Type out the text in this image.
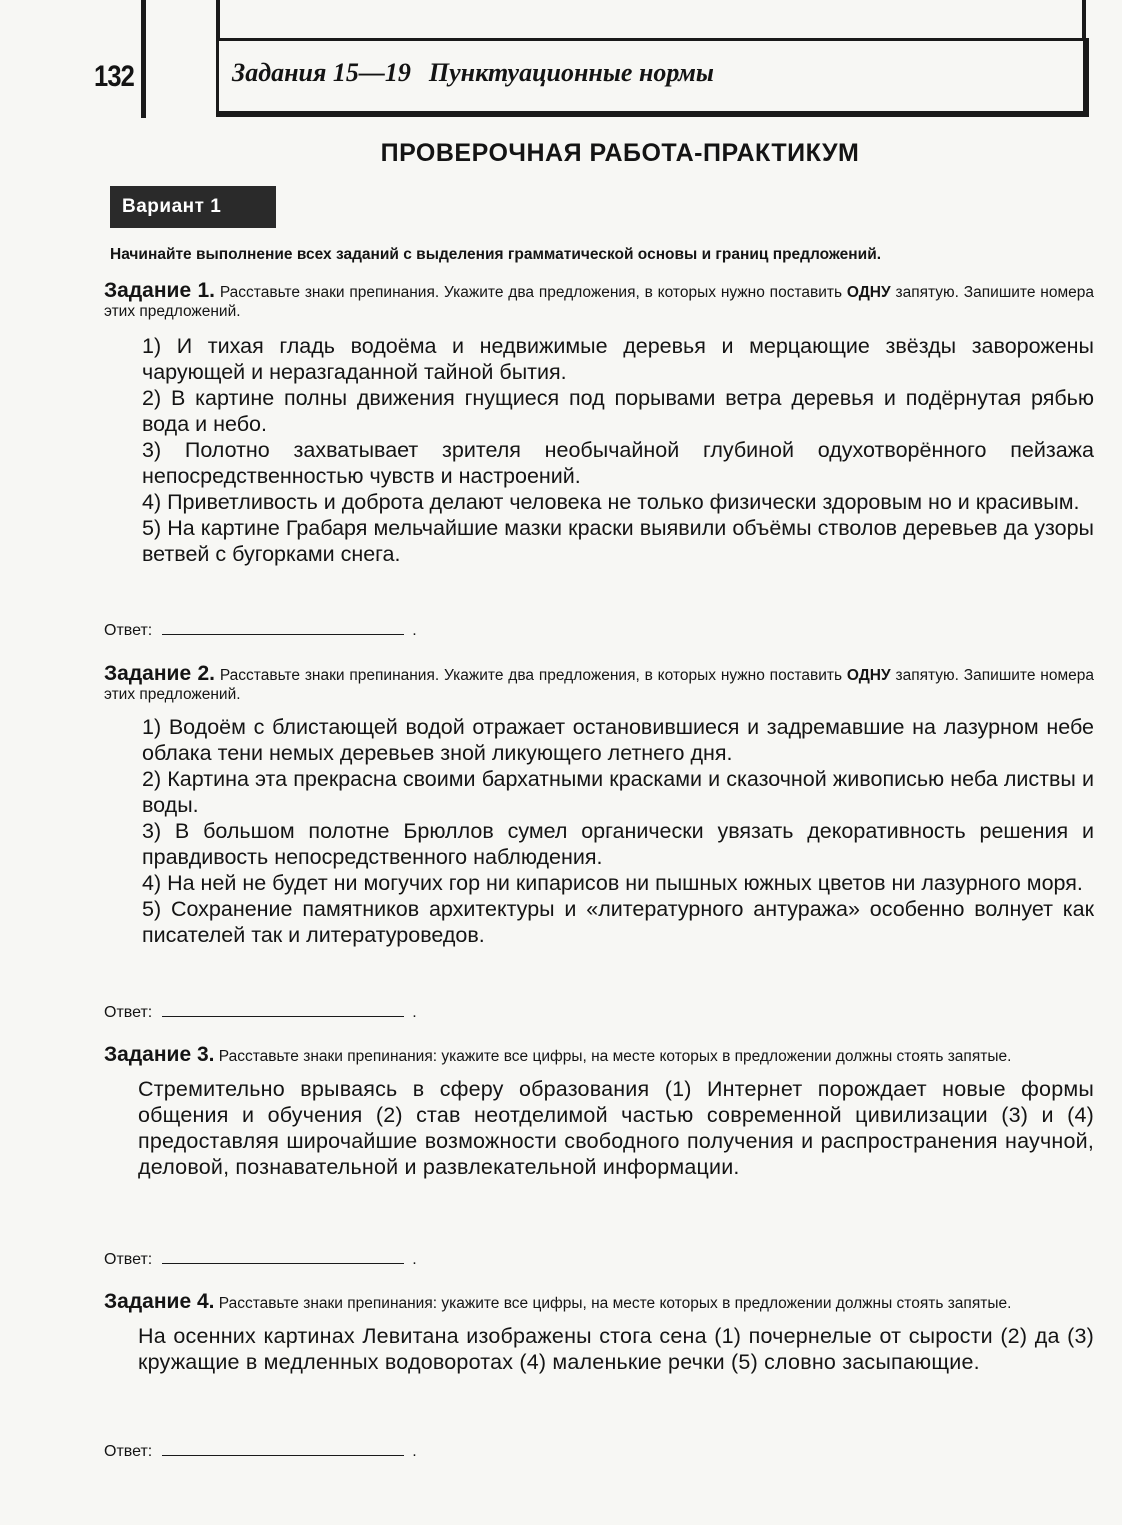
132	Задания 15—19 Пунктуационные нормы
ПРОВЕРОЧНАЯ РАБОТА-ПРАКТИКУМ
Вариант 1
Начинайте выполнение всех заданий с выделения грамматической основы и границ предложений.
Задание 1. Расставьте знаки препинания. Укажите два предложения, в которых нужно поставить ОДНУ запятую. Запишите номера этих предложений.
1) И тихая гладь водоёма и недвижимые деревья и мерцающие звёзды заворожены чарующей и неразгаданной тайной бытия.
2) В картине полны движения гнущиеся под порывами ветра деревья и подёрнутая рябью вода и небо.
3) Полотно захватывает зрителя необычайной глубиной одухотворённого пейзажа непосредственностью чувств и настроений.
4) Приветливость и доброта делают человека не только физически здоровым но и красивым.
5) На картине Грабаря мельчайшие мазки краски выявили объёмы стволов деревьев да узоры ветвей с бугорками снега.
Ответ:	.
Задание 2. Расставьте знаки препинания. Укажите два предложения, в которых нужно поставить ОДНУ запятую. Запишите номера этих предложений.
1) Водоём с блистающей водой отражает остановившиеся и задремавшие на лазурном небе облака тени немых деревьев зной ликующего летнего дня.
2) Картина эта прекрасна своими бархатными красками и сказочной живописью неба листвы и воды.
3) В большом полотне Брюллов сумел органически увязать декоративность решения и правдивость непосредственного наблюдения.
4) На ней не будет ни могучих гор ни кипарисов ни пышных южных цветов ни лазурного моря.
5) Сохранение памятников архитектуры и «литературного антуража» особенно волнует как писателей так и литературоведов.
Ответ:	.
Задание 3. Расставьте знаки препинания: укажите все цифры, на месте которых в предложении должны стоять запятые.
Стремительно врываясь в сферу образования (1) Интернет порождает новые формы общения и обучения (2) став неотделимой частью современной цивилизации (3) и (4) предоставляя широчайшие возможности свободного получения и распространения научной, деловой, познавательной и развлекательной информации.
Ответ:	.
Задание 4. Расставьте знаки препинания: укажите все цифры, на месте которых в предложении должны стоять запятые.
На осенних картинах Левитана изображены стога сена (1) почернелые от сырости (2) да (3) кружащие в медленных водоворотах (4) маленькие речки (5) словно засыпающие.
Ответ:	.
